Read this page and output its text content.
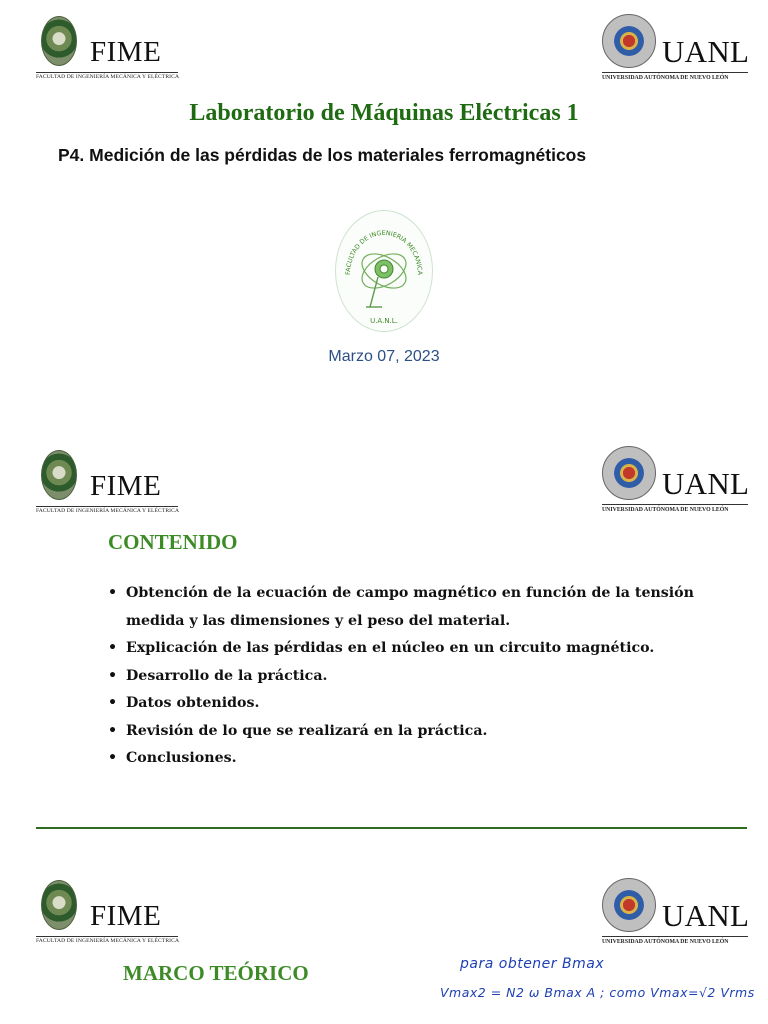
FIME
FACULTAD DE INGENIERÍA MECÁNICA Y ELÉCTRICA
UANL
UNIVERSIDAD AUTÓNOMA DE NUEVO LEÓN
Laboratorio de Máquinas Eléctricas 1
P4. Medición de las pérdidas de los materiales ferromagnéticos
FACULTAD DE INGENIERIA MECANICA
U.A.N.L.
Marzo 07, 2023
FIME
FACULTAD DE INGENIERÍA MECÁNICA Y ELÉCTRICA
UANL
UNIVERSIDAD AUTÓNOMA DE NUEVO LEÓN
CONTENIDO
• Obtención de la ecuación de campo magnético en función de la tensión medida y las dimensiones y el peso del material.
• Explicación de las pérdidas en el núcleo en un circuito magnético.
• Desarrollo de la práctica.
• Datos obtenidos.
• Revisión de lo que se realizará en la práctica.
• Conclusiones.
FIME
FACULTAD DE INGENIERÍA MECÁNICA Y ELÉCTRICA
UANL
UNIVERSIDAD AUTÓNOMA DE NUEVO LEÓN
MARCO TEÓRICO	para obtener Bmax
Vmax2 = N2 ω Bmax A ; como Vmax=√2 Vrms
